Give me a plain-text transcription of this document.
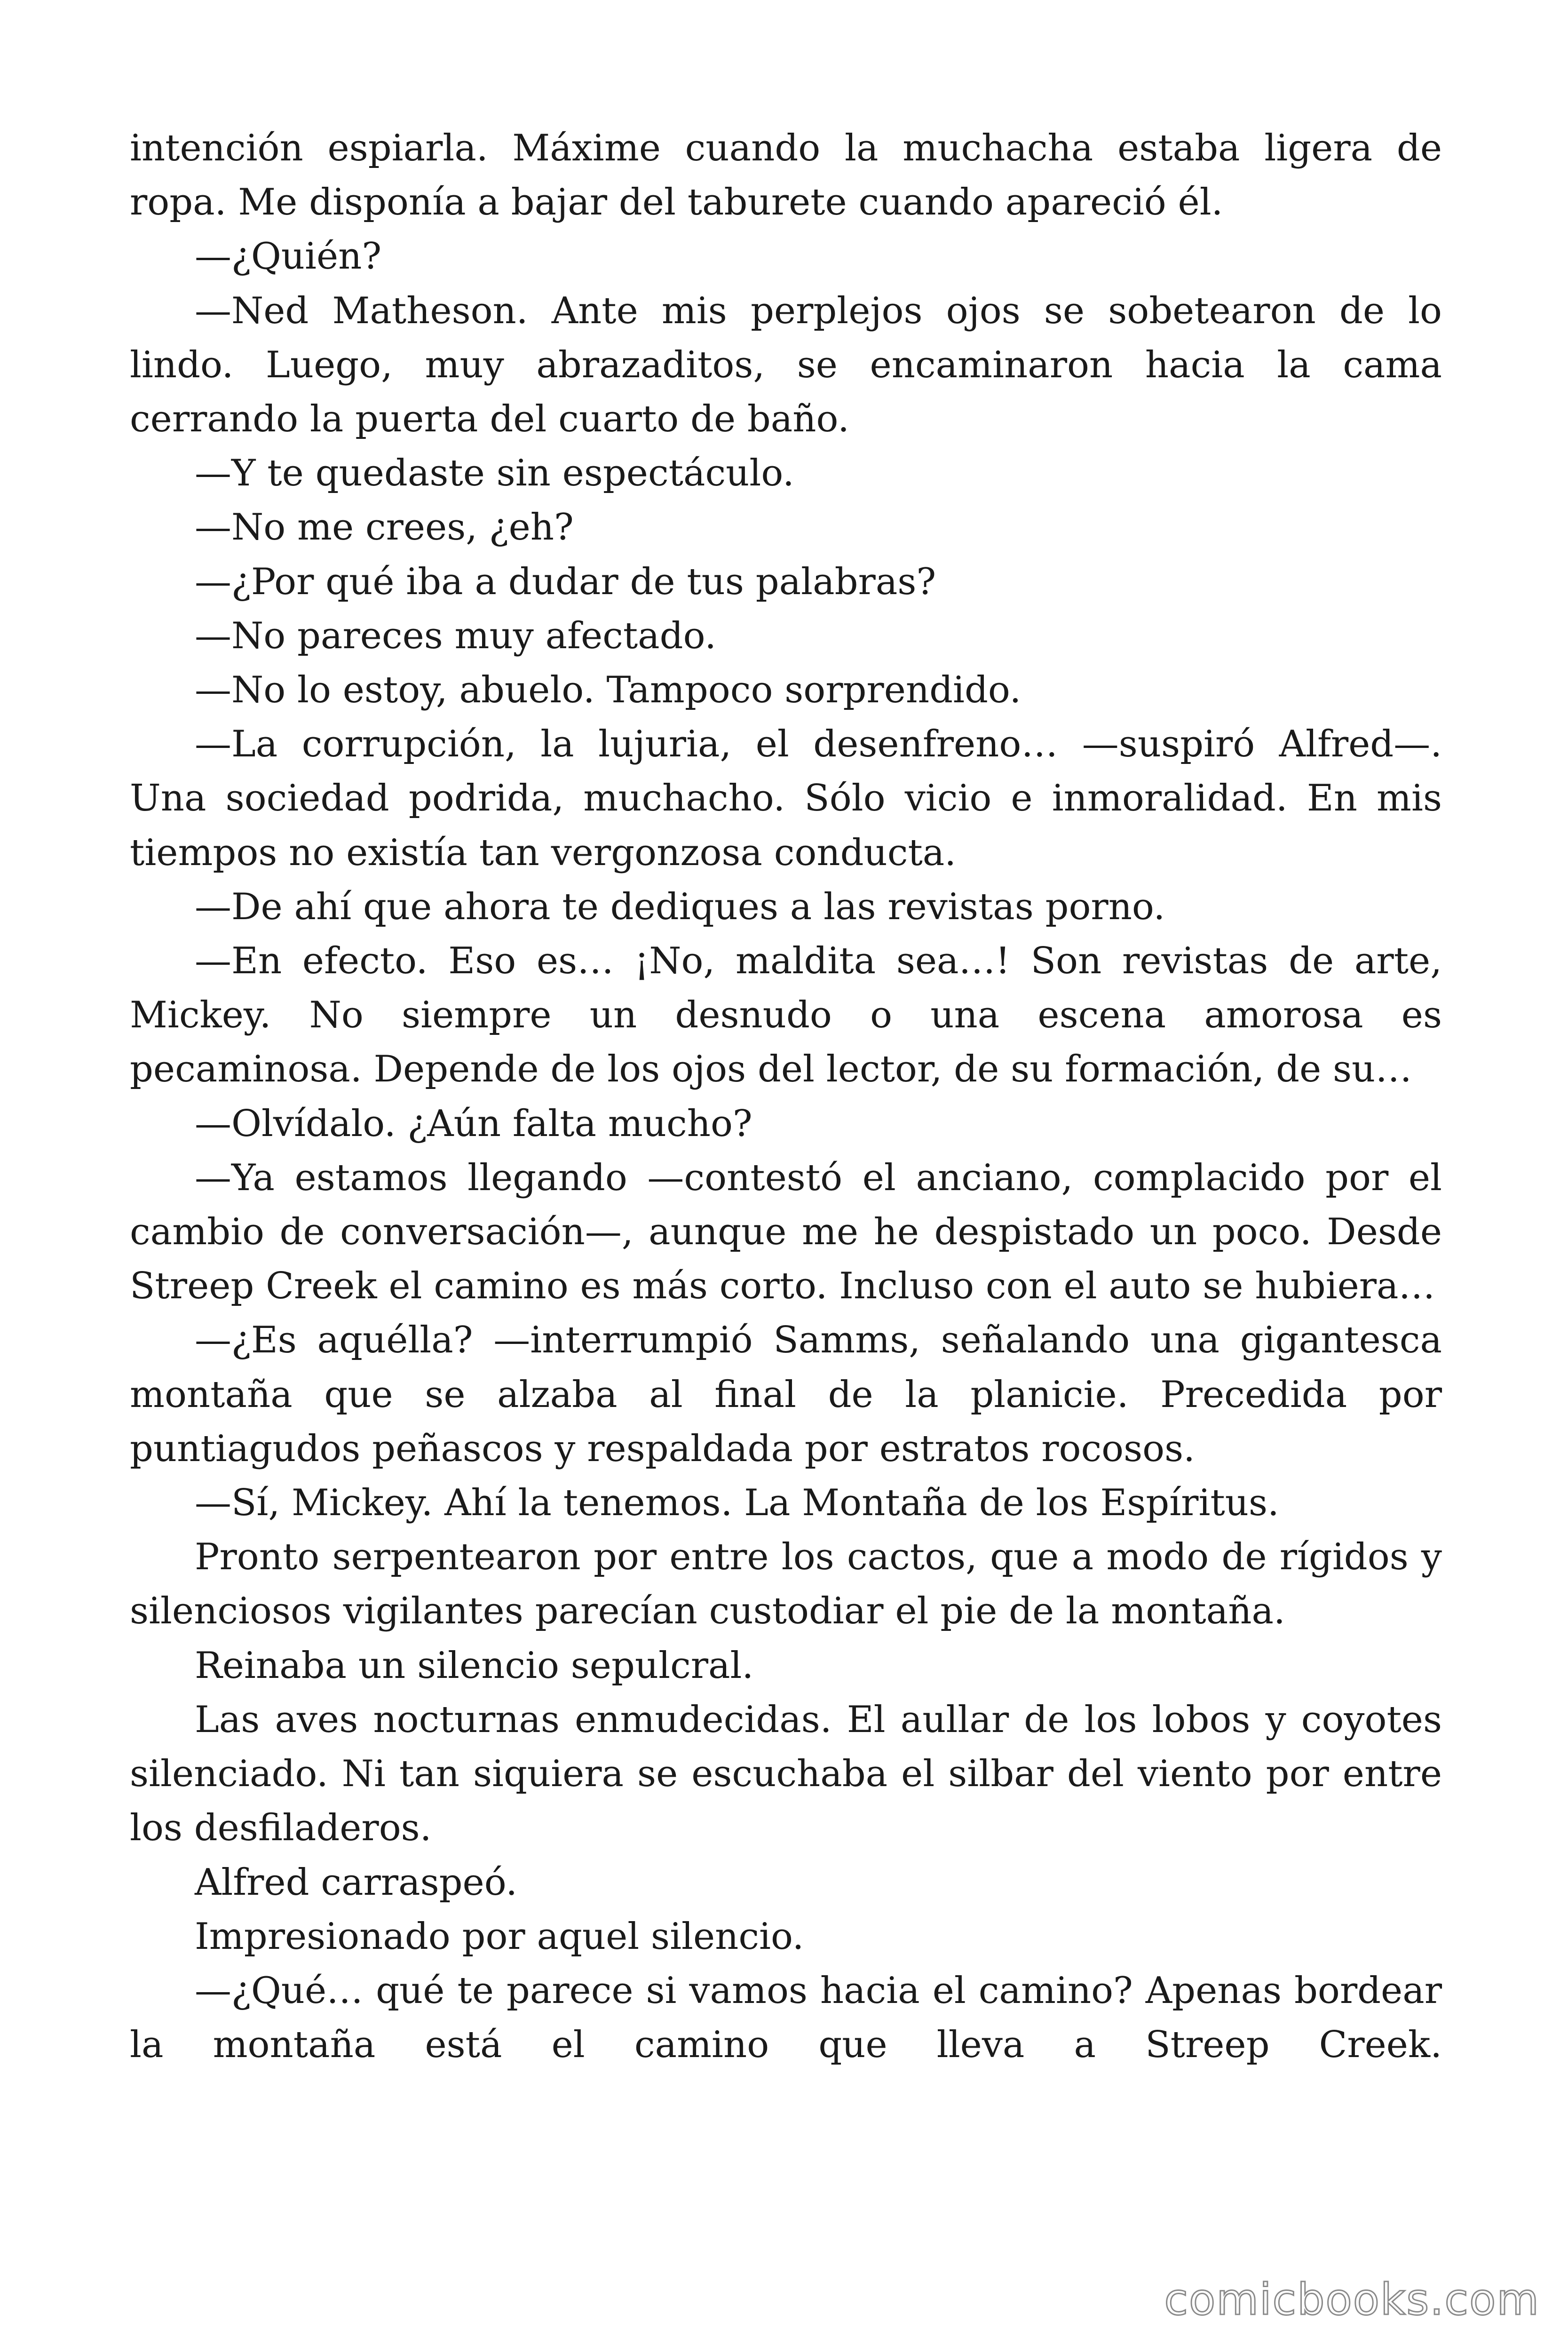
intención espiarla. Máxime cuando la muchacha estaba ligera de ropa. Me disponía a bajar del taburete cuando apareció él.

—¿Quién?

—Ned Matheson. Ante mis perplejos ojos se sobetearon de lo lindo. Luego, muy abrazaditos, se encaminaron hacia la cama cerrando la puerta del cuarto de baño.

—Y te quedaste sin espectáculo.

—No me crees, ¿eh?

—¿Por qué iba a dudar de tus palabras?

—No pareces muy afectado.

—No lo estoy, abuelo. Tampoco sorprendido.

—La corrupción, la lujuria, el desenfreno… —suspiró Alfred—. Una sociedad podrida, muchacho. Sólo vicio e inmoralidad. En mis tiempos no existía tan vergonzosa conducta.

—De ahí que ahora te dediques a las revistas porno.

—En efecto. Eso es… ¡No, maldita sea…! Son revistas de arte, Mickey. No siempre un desnudo o una escena amorosa es pecaminosa. Depende de los ojos del lector, de su formación, de su…

—Olvídalo. ¿Aún falta mucho?

—Ya estamos llegando —contestó el anciano, complacido por el cambio de conversación—, aunque me he despistado un poco. Desde Streep Creek el camino es más corto. Incluso con el auto se hubiera…

—¿Es aquélla? —interrumpió Samms, señalando una gigantesca montaña que se alzaba al final de la planicie. Precedida por puntiagudos peñascos y respaldada por estratos rocosos.

—Sí, Mickey. Ahí la tenemos. La Montaña de los Espíritus.

Pronto serpentearon por entre los cactos, que a modo de rígidos y silenciosos vigilantes parecían custodiar el pie de la montaña.

Reinaba un silencio sepulcral.

Las aves nocturnas enmudecidas. El aullar de los lobos y coyotes silenciado. Ni tan siquiera se escuchaba el silbar del viento por entre los desfiladeros.

Alfred carraspeó.

Impresionado por aquel silencio.

—¿Qué… qué te parece si vamos hacia el camino? Apenas bordear la montaña está el camino que lleva a Streep Creek.

comicbooks.com
